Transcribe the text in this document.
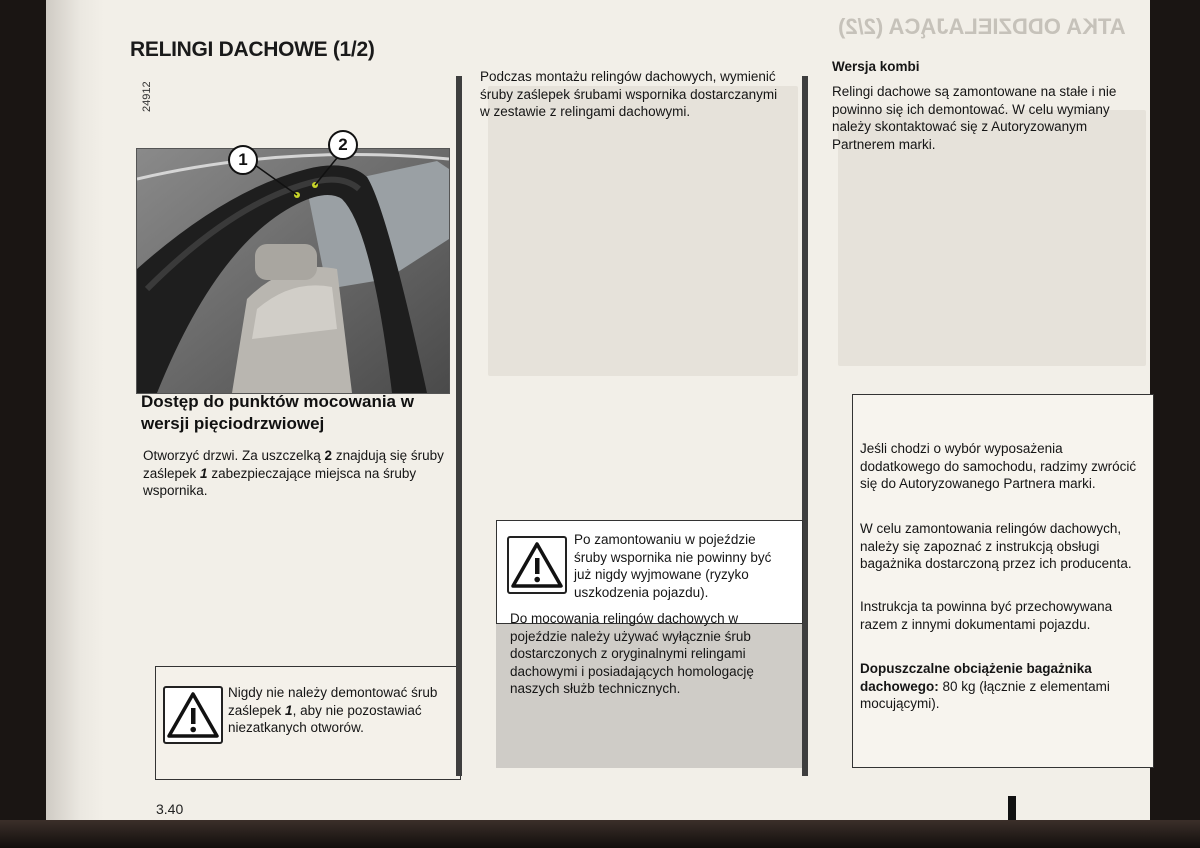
ATKA ODDZIELAJĄCA (2/2)
RELINGI DACHOWE (1/2)
24912
1
2
Dostęp do punktów mocowania w wersji pięciodrzwiowej

Otworzyć drzwi. Za uszczelką 2 znajdują się śruby zaślepek 1 zabezpieczające miejsca na śruby wspornika.

Nigdy nie należy demontować śrub zaślepek 1, aby nie pozostawiać niezatkanych otworów.

Podczas montażu relingów dachowych, wymienić śruby zaślepek śrubami wspornika dostarczanymi w zestawie z relingami dachowymi.
Po zamontowaniu w pojeździe śruby wspornika nie powinny być już nigdy wyjmowane (ryzyko uszkodzenia pojazdu).
Do mocowania relingów dachowych w pojeździe należy używać wyłącznie śrub dostarczonych z oryginalnymi relingami dachowymi i posiadających homologację naszych służb technicznych.
Wersja kombi
Relingi dachowe są zamontowane na stałe i nie powinno się ich demontować. W celu wymiany należy skontaktować się z Autoryzowanym Partnerem marki.
Jeśli chodzi o wybór wyposażenia dodatkowego do samochodu, radzimy zwrócić się do Autoryzowanego Partnera marki.
W celu zamontowania relingów dachowych, należy się zapoznać z instrukcją obsługi bagażnika dostarczoną przez ich producenta.
Instrukcja ta powinna być przechowywana razem z innymi dokumentami pojazdu.

Dopuszczalne obciążenie bagażnika dachowego: 80 kg (łącznie z elementami mocującymi).

3.40
